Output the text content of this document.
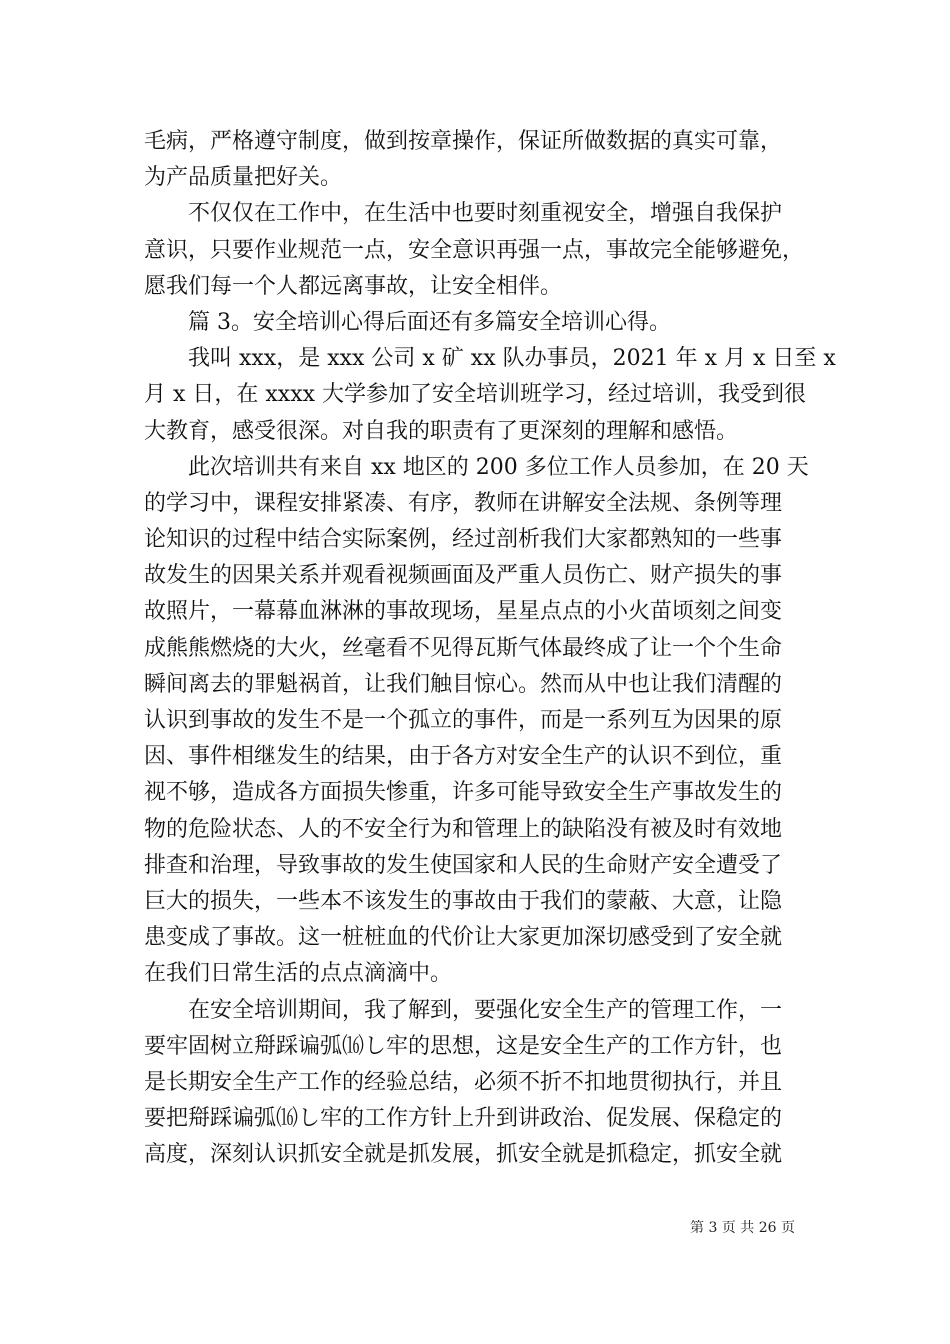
毛病，严格遵守制度，做到按章操作，保证所做数据的真实可靠，
为产品质量把好关。
不仅仅在工作中，在生活中也要时刻重视安全，增强自我保护
意识，只要作业规范一点，安全意识再强一点，事故完全能够避免，
愿我们每一个人都远离事故，让安全相伴。
篇 3。安全培训心得后面还有多篇安全培训心得。
我叫 xxx，是 xxx 公司 x 矿 xx 队办事员，2021 年 x 月 x 日至 x
月 x 日，在 xxxx 大学参加了安全培训班学习，经过培训，我受到很
大教育，感受很深。对自我的职责有了更深刻的理解和感悟。
此次培训共有来自 xx 地区的 200 多位工作人员参加，在 20 天
的学习中，课程安排紧凑、有序，教师在讲解安全法规、条例等理
论知识的过程中结合实际案例，经过剖析我们大家都熟知的一些事
故发生的因果关系并观看视频画面及严重人员伤亡、财产损失的事
故照片，一幕幕血淋淋的事故现场，星星点点的小火苗顷刻之间变
成熊熊燃烧的大火，丝毫看不见得瓦斯气体最终成了让一个个生命
瞬间离去的罪魁祸首，让我们触目惊心。然而从中也让我们清醒的
认识到事故的发生不是一个孤立的事件，而是一系列互为因果的原
因、事件相继发生的结果，由于各方对安全生产的认识不到位，重
视不够，造成各方面损失惨重，许多可能导致安全生产事故发生的
物的危险状态、人的不安全行为和管理上的缺陷没有被及时有效地
排查和治理，导致事故的发生使国家和人民的生命财产安全遭受了
巨大的损失，一些本不该发生的事故由于我们的蒙蔽、大意，让隐
患变成了事故。这一桩桩血的代价让大家更加深切感受到了安全就
在我们日常生活的点点滴滴中。
在安全培训期间，我了解到，要强化安全生产的管理工作，一
要牢固树立搿踩谝弧⒃し牢的思想，这是安全生产的工作方针，也
是长期安全生产工作的经验总结，必须不折不扣地贯彻执行，并且
要把搿踩谝弧⒃し牢的工作方针上升到讲政治、促发展、保稳定的
高度，深刻认识抓安全就是抓发展，抓安全就是抓稳定，抓安全就
第 3 页 共 26 页
